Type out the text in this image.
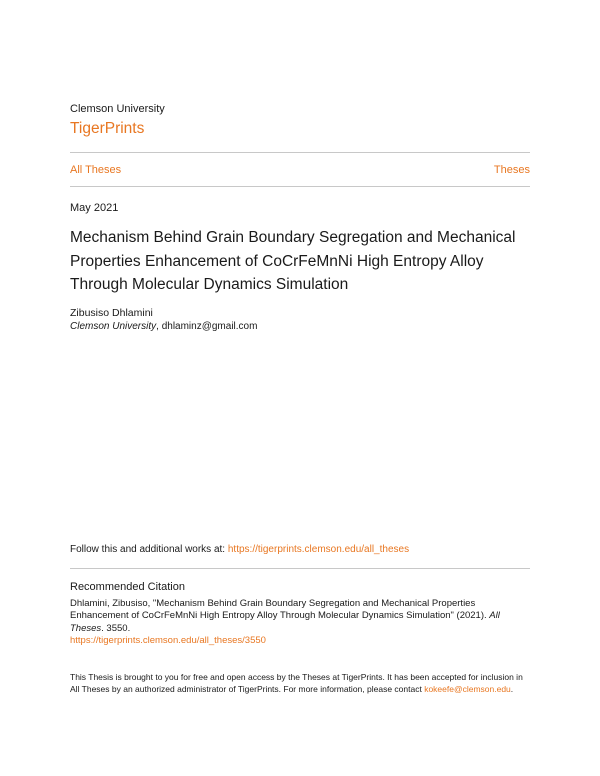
Clemson University
TigerPrints
All Theses	Theses
May 2021
Mechanism Behind Grain Boundary Segregation and Mechanical Properties Enhancement of CoCrFeMnNi High Entropy Alloy Through Molecular Dynamics Simulation
Zibusiso Dhlamini
Clemson University, dhlaminz@gmail.com
Follow this and additional works at: https://tigerprints.clemson.edu/all_theses
Recommended Citation
Dhlamini, Zibusiso, "Mechanism Behind Grain Boundary Segregation and Mechanical Properties Enhancement of CoCrFeMnNi High Entropy Alloy Through Molecular Dynamics Simulation" (2021). All Theses. 3550.
https://tigerprints.clemson.edu/all_theses/3550
This Thesis is brought to you for free and open access by the Theses at TigerPrints. It has been accepted for inclusion in All Theses by an authorized administrator of TigerPrints. For more information, please contact kokeefe@clemson.edu.
